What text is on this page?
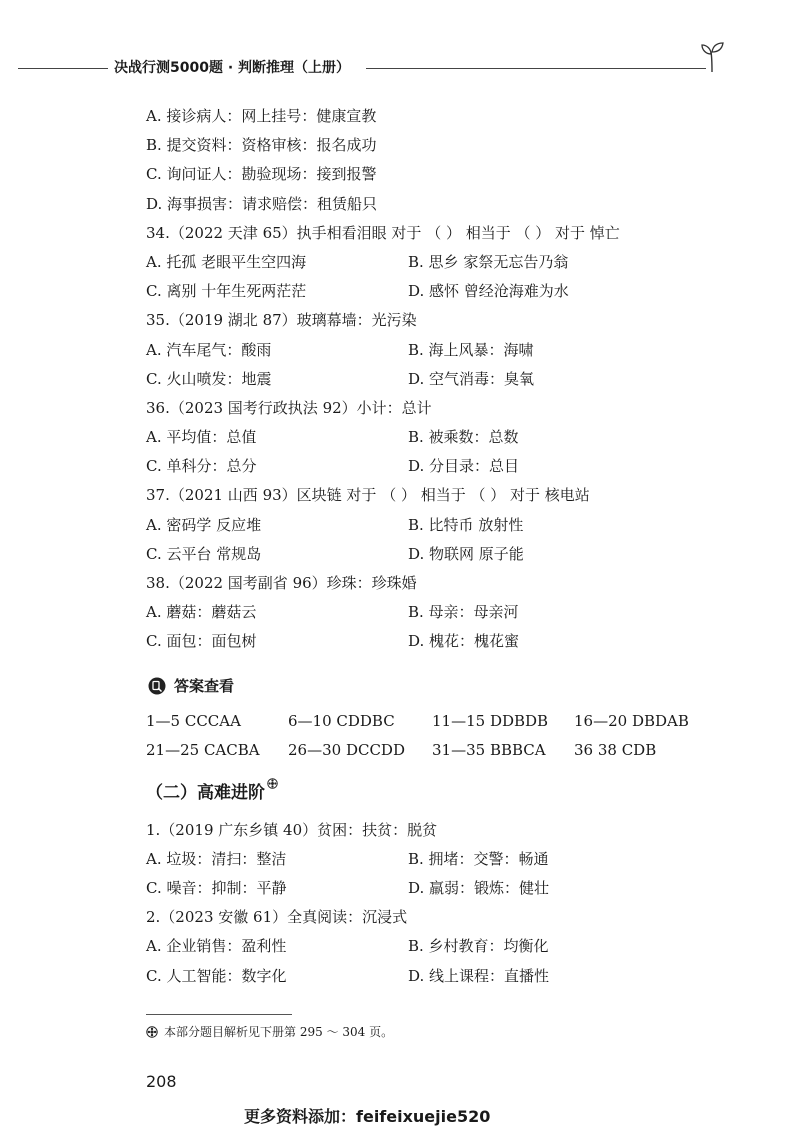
决战行测5000题 · 判断推理（上册）
A. 接诊病人：网上挂号：健康宣教
B. 提交资料：资格审核：报名成功
C. 询问证人：勘验现场：接到报警
D. 海事损害：请求赔偿：租赁船只
34.（2022 天津 65）执手相看泪眼 对于 （ ） 相当于 （ ） 对于 悼亡
A. 托孤 老眼平生空四海	B. 思乡 家祭无忘告乃翁
C. 离别 十年生死两茫茫	D. 感怀 曾经沧海难为水
35.（2019 湖北 87）玻璃幕墙：光污染
A. 汽车尾气：酸雨	B. 海上风暴：海啸
C. 火山喷发：地震	D. 空气消毒：臭氧
36.（2023 国考行政执法 92）小计：总计
A. 平均值：总值	B. 被乘数：总数
C. 单科分：总分	D. 分目录：总目
37.（2021 山西 93）区块链 对于 （ ） 相当于 （ ） 对于 核电站
A. 密码学 反应堆	B. 比特币 放射性
C. 云平台 常规岛	D. 物联网 原子能
38.（2022 国考副省 96）珍珠：珍珠婚
A. 蘑菇：蘑菇云	B. 母亲：母亲河
C. 面包：面包树	D. 槐花：槐花蜜
答案查看
1—5 CCCAA	6—10 CDDBC 11—15 DDBDB 16—20 DBDAB
21—25 CACBA 26—30 DCCDD 31—35 BBBCA 36 38 CDB
（二）高难进阶
1.（2019 广东乡镇 40）贫困：扶贫：脱贫
A. 垃圾：清扫：整洁	B. 拥堵：交警：畅通
C. 噪音：抑制：平静	D. 羸弱：锻炼：健壮
2.（2023 安徽 61）全真阅读：沉浸式
A. 企业销售：盈利性	B. 乡村教育：均衡化
C. 人工智能：数字化	D. 线上课程：直播性
本部分题目解析见下册第 295 ～ 304 页。
208
更多资料添加：feifeixuejie520
